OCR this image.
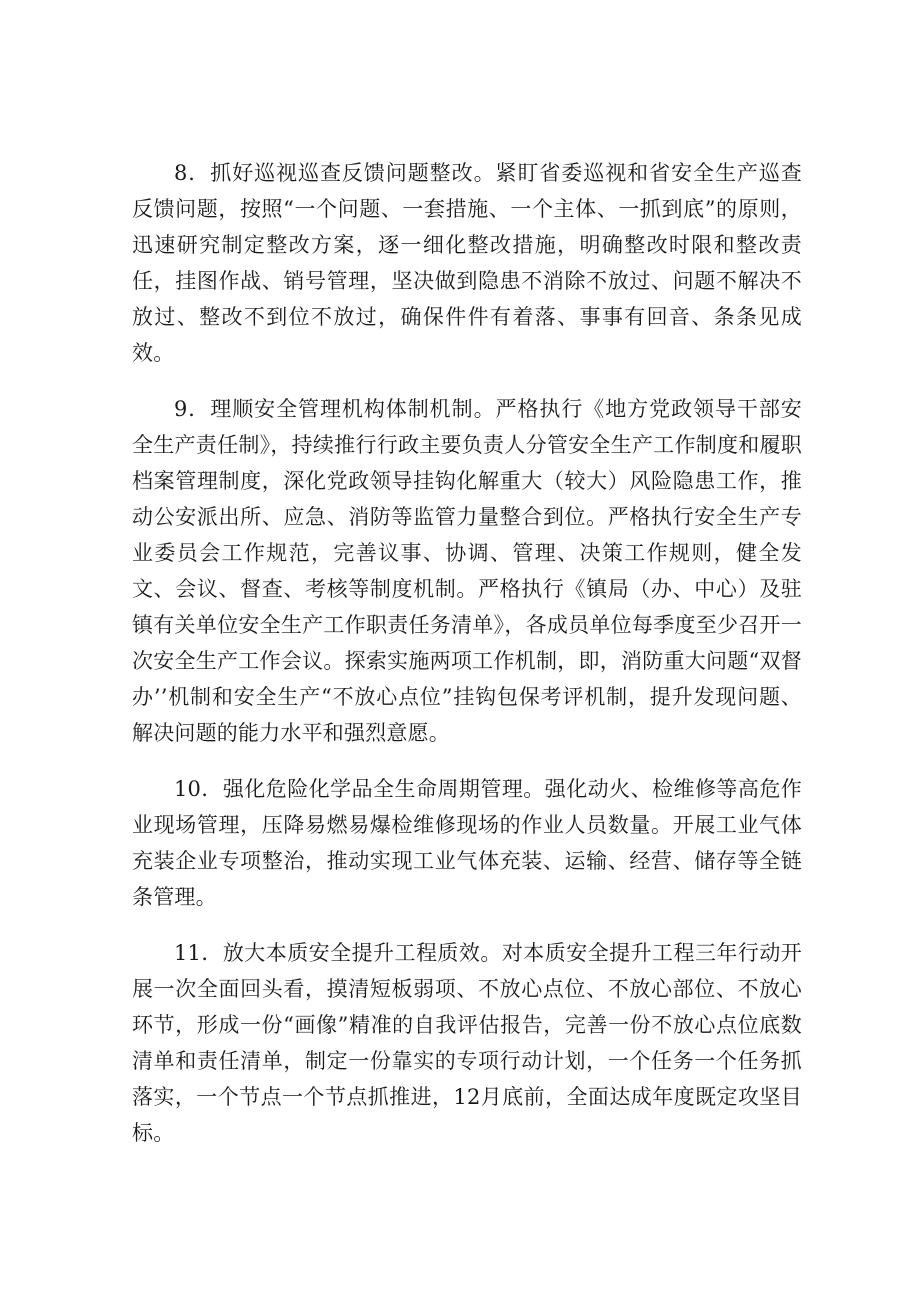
8．抓好巡视巡查反馈问题整改。紧盯省委巡视和省安全生产巡查反馈问题，按照“一个问题、一套措施、一个主体、一抓到底”的原则，迅速研究制定整改方案，逐一细化整改措施，明确整改时限和整改责任，挂图作战、销号管理，坚决做到隐患不消除不放过、问题不解决不放过、整改不到位不放过，确保件件有着落、事事有回音、条条见成效。

9．理顺安全管理机构体制机制。严格执行《地方党政领导干部安全生产责任制》，持续推行行政主要负责人分管安全生产工作制度和履职档案管理制度，深化党政领导挂钩化解重大（较大）风险隐患工作，推动公安派出所、应急、消防等监管力量整合到位。严格执行安全生产专业委员会工作规范，完善议事、协调、管理、决策工作规则，健全发文、会议、督查、考核等制度机制。严格执行《镇局（办、中心）及驻镇有关单位安全生产工作职责任务清单》，各成员单位每季度至少召开一次安全生产工作会议。探索实施两项工作机制，即，消防重大问题“双督办’’机制和安全生产“不放心点位”挂钩包保考评机制，提升发现问题、解决问题的能力水平和强烈意愿。

10．强化危险化学品全生命周期管理。强化动火、检维修等高危作业现场管理，压降易燃易爆检维修现场的作业人员数量。开展工业气体充装企业专项整治，推动实现工业气体充装、运输、经营、储存等全链条管理。

11．放大本质安全提升工程质效。对本质安全提升工程三年行动开展一次全面回头看，摸清短板弱项、不放心点位、不放心部位、不放心环节，形成一份“画像”精准的自我评估报告，完善一份不放心点位底数清单和责任清单，制定一份靠实的专项行动计划，一个任务一个任务抓落实，一个节点一个节点抓推进，12月底前，全面达成年度既定攻坚目标。
